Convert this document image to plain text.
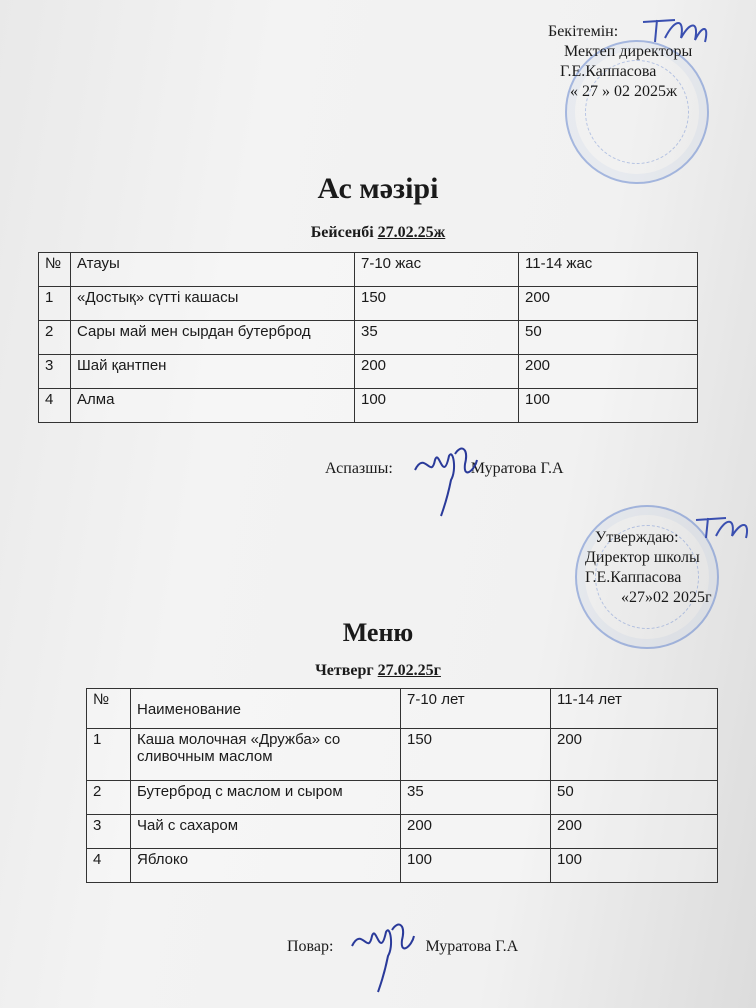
Бекітемін:
Мектеп директоры
Г.Е.Каппасова
« 27 » 02 2025ж
Ас мәзірі
Бейсенбі 27.02.25ж
№	Атауы	7-10 жас	11-14 жас
1	«Достық» сүтті кашасы	150	200
2	Сары май мен сырдан бутерброд	35	50
3	Шай қантпен	200	200
4	Алма	100	100
Аспазшы:	Муратова Г.А
Утверждаю:
Директор школы
Г.Е.Каппасова
«27»02 2025г
Меню
Четверг 27.02.25г
№	Наименование	7-10 лет	11-14 лет
1	Каша молочная «Дружба» со сливочным маслом	150	200
2	Бутерброд с маслом и сыром	35	50
3	Чай с сахаром	200	200
4	Яблоко	100	100
Повар:	Муратова Г.А
